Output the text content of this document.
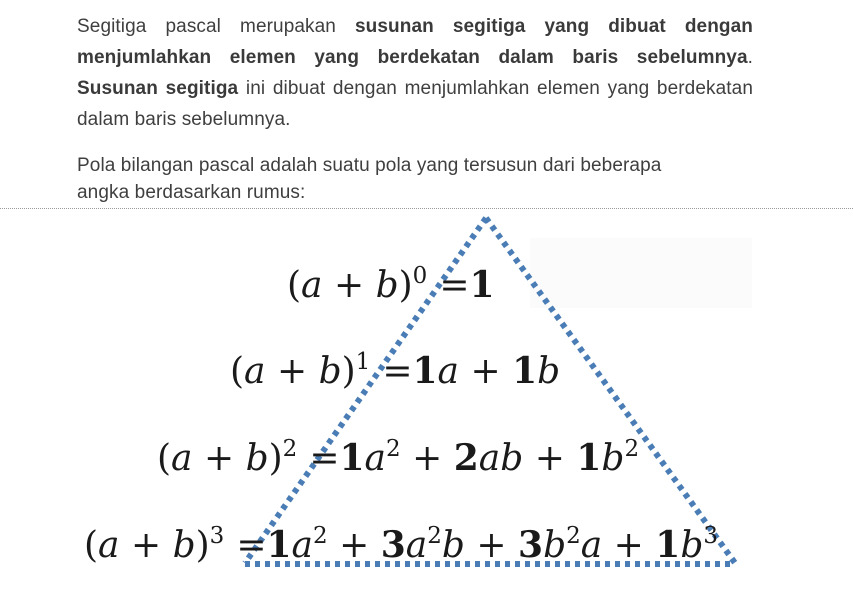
Segitiga pascal merupakan susunan segitiga yang dibuat dengan menjumlahkan elemen yang berdekatan dalam baris sebelumnya. Susunan segitiga ini dibuat dengan menjumlahkan elemen yang berdekatan dalam baris sebelumnya.
Pola bilangan pascal adalah suatu pola yang tersusun dari beberapa
angka berdasarkan rumus:
$(a + b)^0 =1$
$(a + b)^1 =1a + 1b$
$(a + b)^2 =1a^2 + 2ab + 1b^2$
$(a + b)^3 =1a^2 + 3a^2b + 3b^2a + 1b^3$
